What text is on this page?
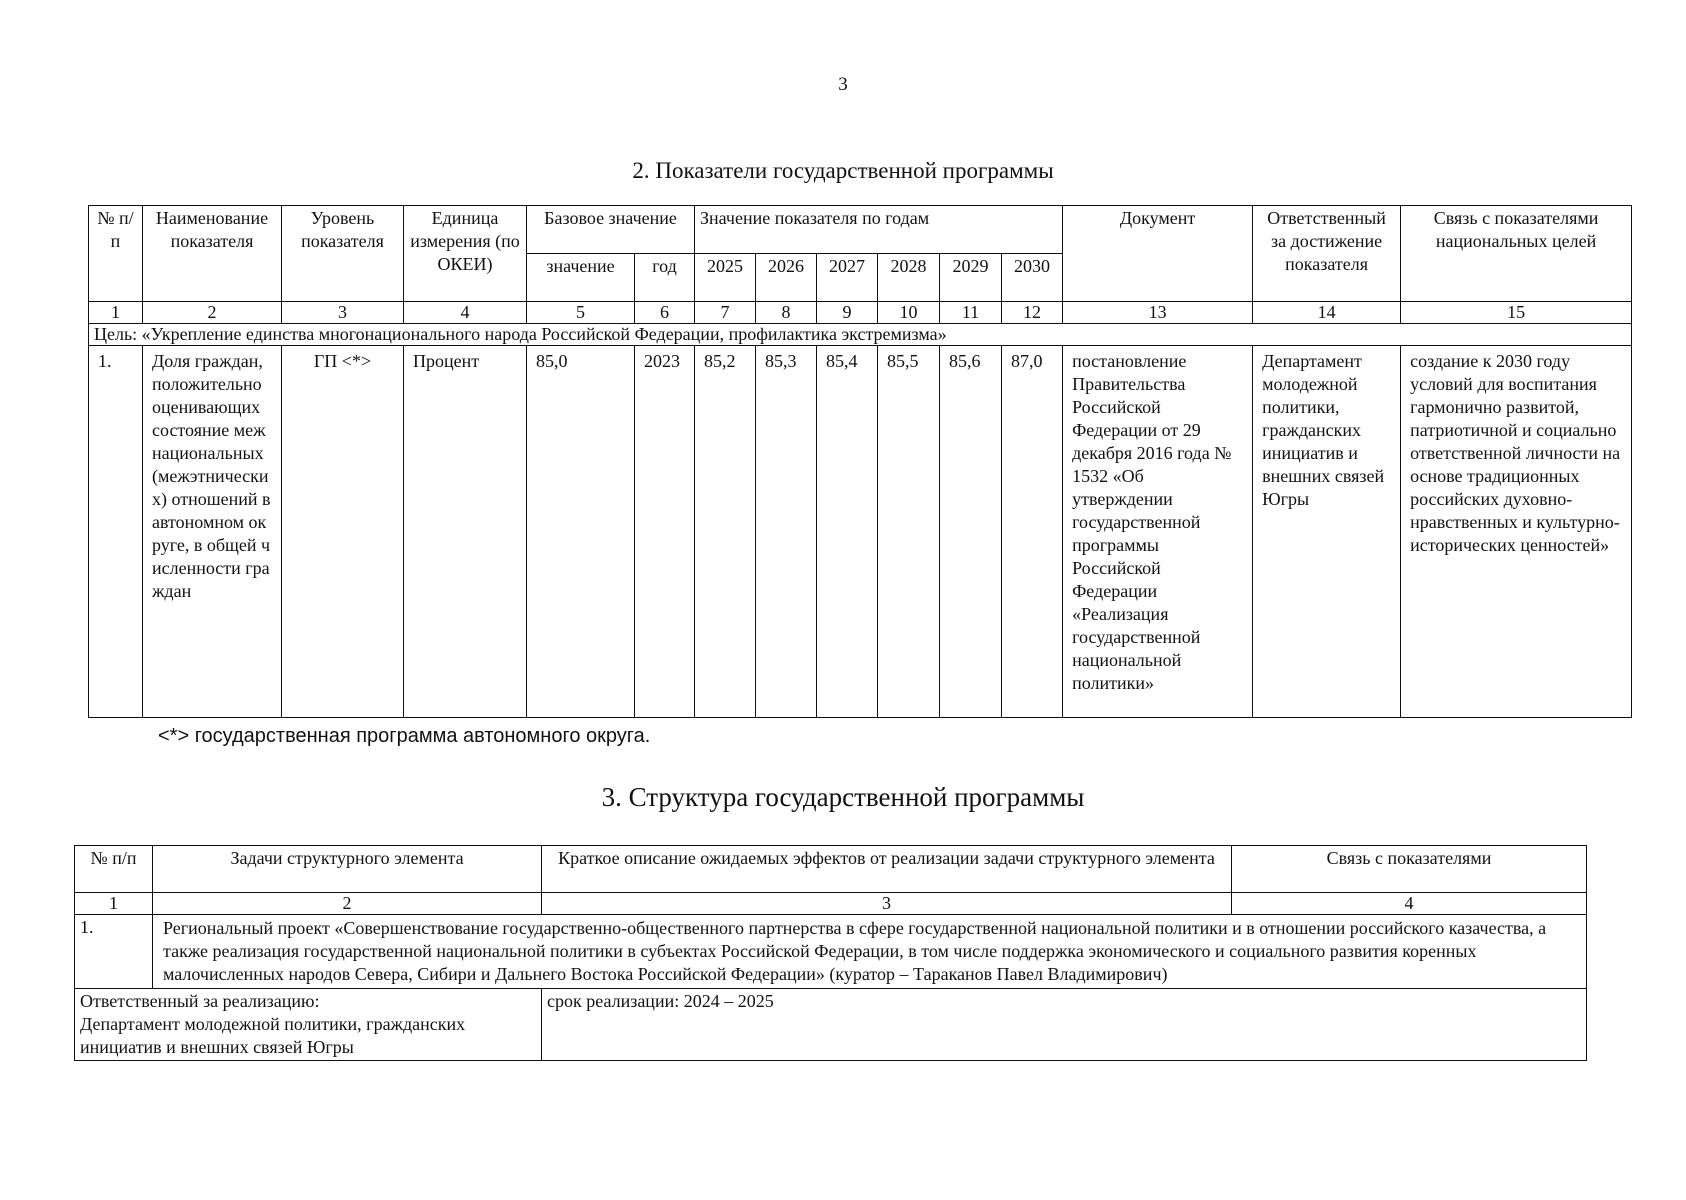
3
2. Показатели государственной программы
№ п/п	Наименование показателя	Уровень показателя	Единица измерения (по ОКЕИ)	Базовое значение		Значение показателя по годам						Документ	Ответственный за достижение показателя	Связь с показателями национальных целей
				значение	год	2025	2026	2027	2028	2029	2030			
1	2	3	4	5	6	7	8	9	10	11	12	13	14	15
Цель: «Укрепление единства многонационального народа Российской Федерации, профилактика экстремизма»														
1.	Доля граждан, положительно оценивающих состояние межнациональных (межэтнических) отношений в автономном округе, в общей численности граждан	ГП <*>	Процент	85,0	2023	85,2	85,3	85,4	85,5	85,6	87,0	постановление Правительства Российской Федерации от 29 декабря 2016 года № 1532 «Об утверждении государственной программы Российской Федерации «Реализация государственной национальной политики»	Департамент молодежной политики, гражданских инициатив и внешних связей Югры	создание к 2030 году условий для воспитания гармонично развитой, патриотичной и социально ответственной личности на основе традиционных российских духовно-нравственных и культурно-исторических ценностей»
<*> государственная программа автономного округа.
3. Структура государственной программы
№ п/п	Задачи структурного элемента	Краткое описание ожидаемых эффектов от реализации задачи структурного элемента	Связь с показателями
1	2	3	4
1.	Региональный проект «Совершенствование государственно-общественного партнерства в сфере государственной национальной политики и в отношении российского казачества, а также реализация государственной национальной политики в субъектах Российской Федерации, в том числе поддержка экономического и социального развития коренных малочисленных народов Севера, Сибири и Дальнего Востока Российской Федерации» (куратор – Тараканов Павел Владимирович)		

Ответственный за реализацию:
Департамент молодежной политики, гражданских инициатив и внешних связей Югры		срок реализации: 2024 – 2025	
